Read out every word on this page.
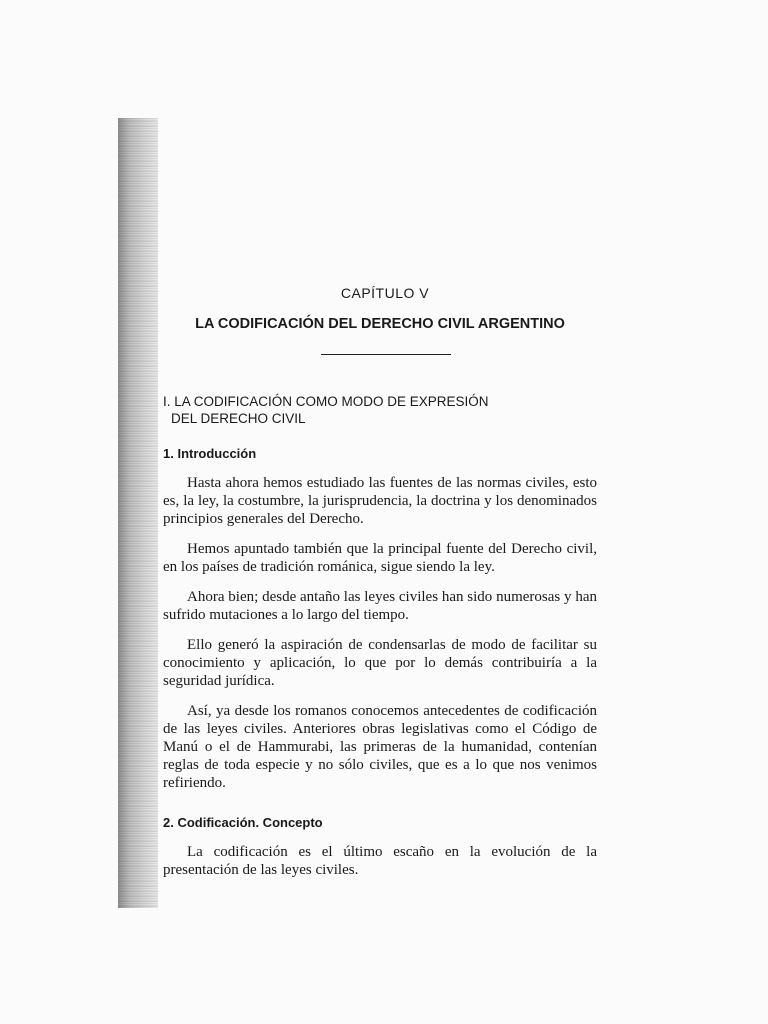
CAPÍTULO V

LA CODIFICACIÓN DEL DERECHO CIVIL ARGENTINO

I. LA CODIFICACIÓN COMO MODO DE EXPRESIÓN
DEL DERECHO CIVIL

1. Introducción

Hasta ahora hemos estudiado las fuentes de las normas civiles, esto es, la ley, la costumbre, la jurisprudencia, la doctrina y los denominados principios generales del Derecho.

Hemos apuntado también que la principal fuente del Derecho civil, en los países de tradición románica, sigue siendo la ley.

Ahora bien; desde antaño las leyes civiles han sido numerosas y han sufrido mutaciones a lo largo del tiempo.

Ello generó la aspiración de condensarlas de modo de facilitar su conocimiento y aplicación, lo que por lo demás contribuiría a la seguridad jurídica.

Así, ya desde los romanos conocemos antecedentes de codificación de las leyes civiles. Anteriores obras legislativas como el Código de Manú o el de Hammurabi, las primeras de la humanidad, contenían reglas de toda especie y no sólo civiles, que es a lo que nos venimos refiriendo.

2. Codificación. Concepto

La codificación es el último escaño en la evolución de la presentación de las leyes civiles.
